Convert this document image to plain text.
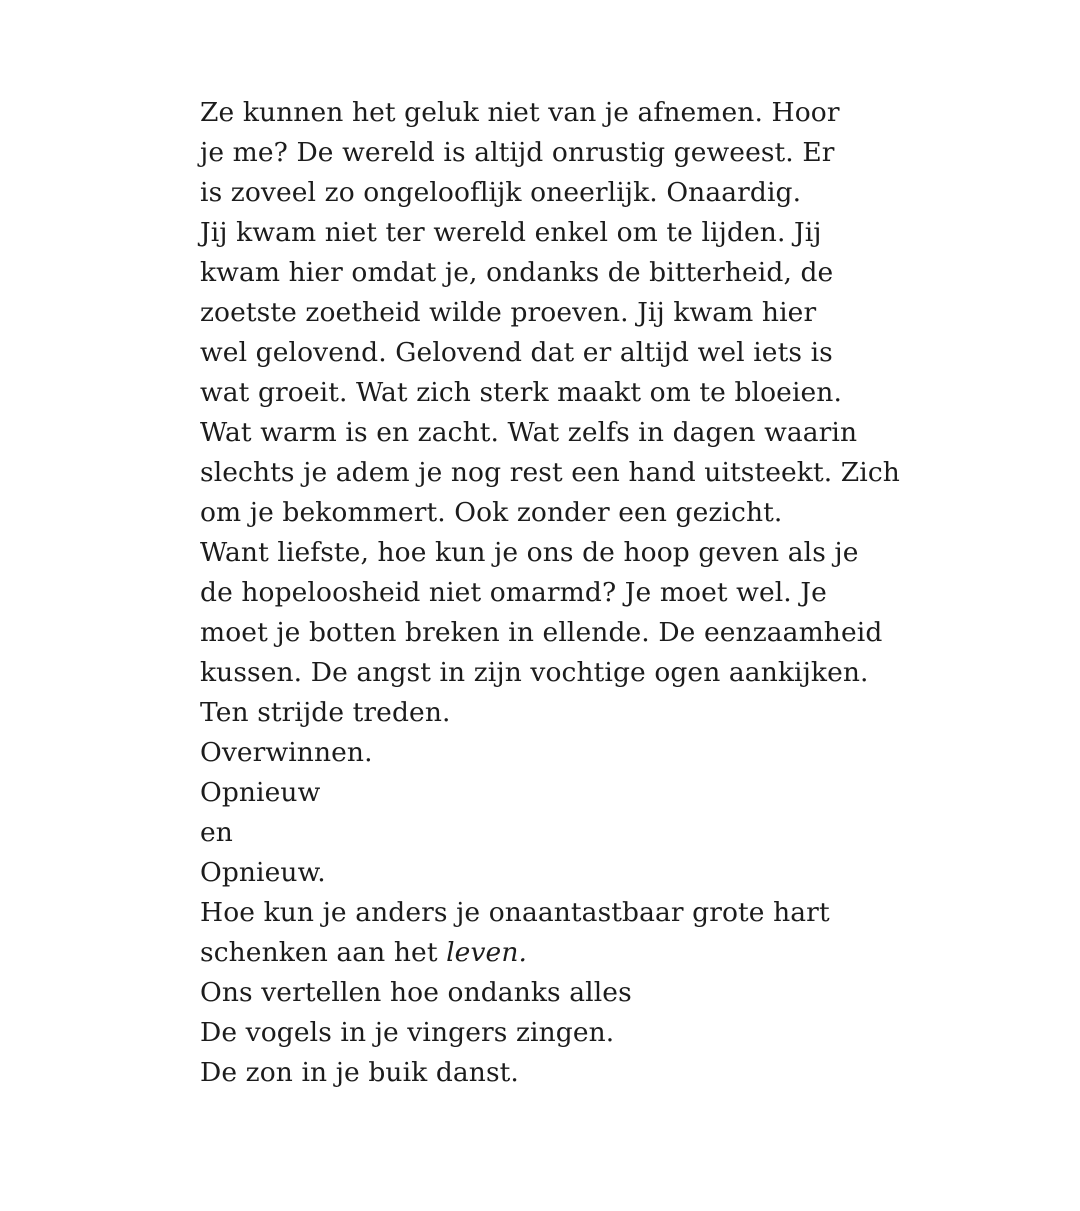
Ze kunnen het geluk niet van je afnemen. Hoor
je me? De wereld is altijd onrustig geweest. Er
is zoveel zo ongelooflijk oneerlijk. Onaardig.
Jij kwam niet ter wereld enkel om te lijden. Jij
kwam hier omdat je, ondanks de bitterheid, de
zoetste zoetheid wilde proeven. Jij kwam hier
wel gelovend. Gelovend dat er altijd wel iets is
wat groeit. Wat zich sterk maakt om te bloeien.
Wat warm is en zacht. Wat zelfs in dagen waarin
slechts je adem je nog rest een hand uitsteekt. Zich
om je bekommert. Ook zonder een gezicht.
Want liefste, hoe kun je ons de hoop geven als je
de hopeloosheid niet omarmd? Je moet wel. Je
moet je botten breken in ellende. De eenzaamheid
kussen. De angst in zijn vochtige ogen aankijken.
Ten strijde treden.
Overwinnen.
Opnieuw
en
Opnieuw.
Hoe kun je anders je onaantastbaar grote hart
schenken aan het leven.
Ons vertellen hoe ondanks alles
De vogels in je vingers zingen.
De zon in je buik danst.
